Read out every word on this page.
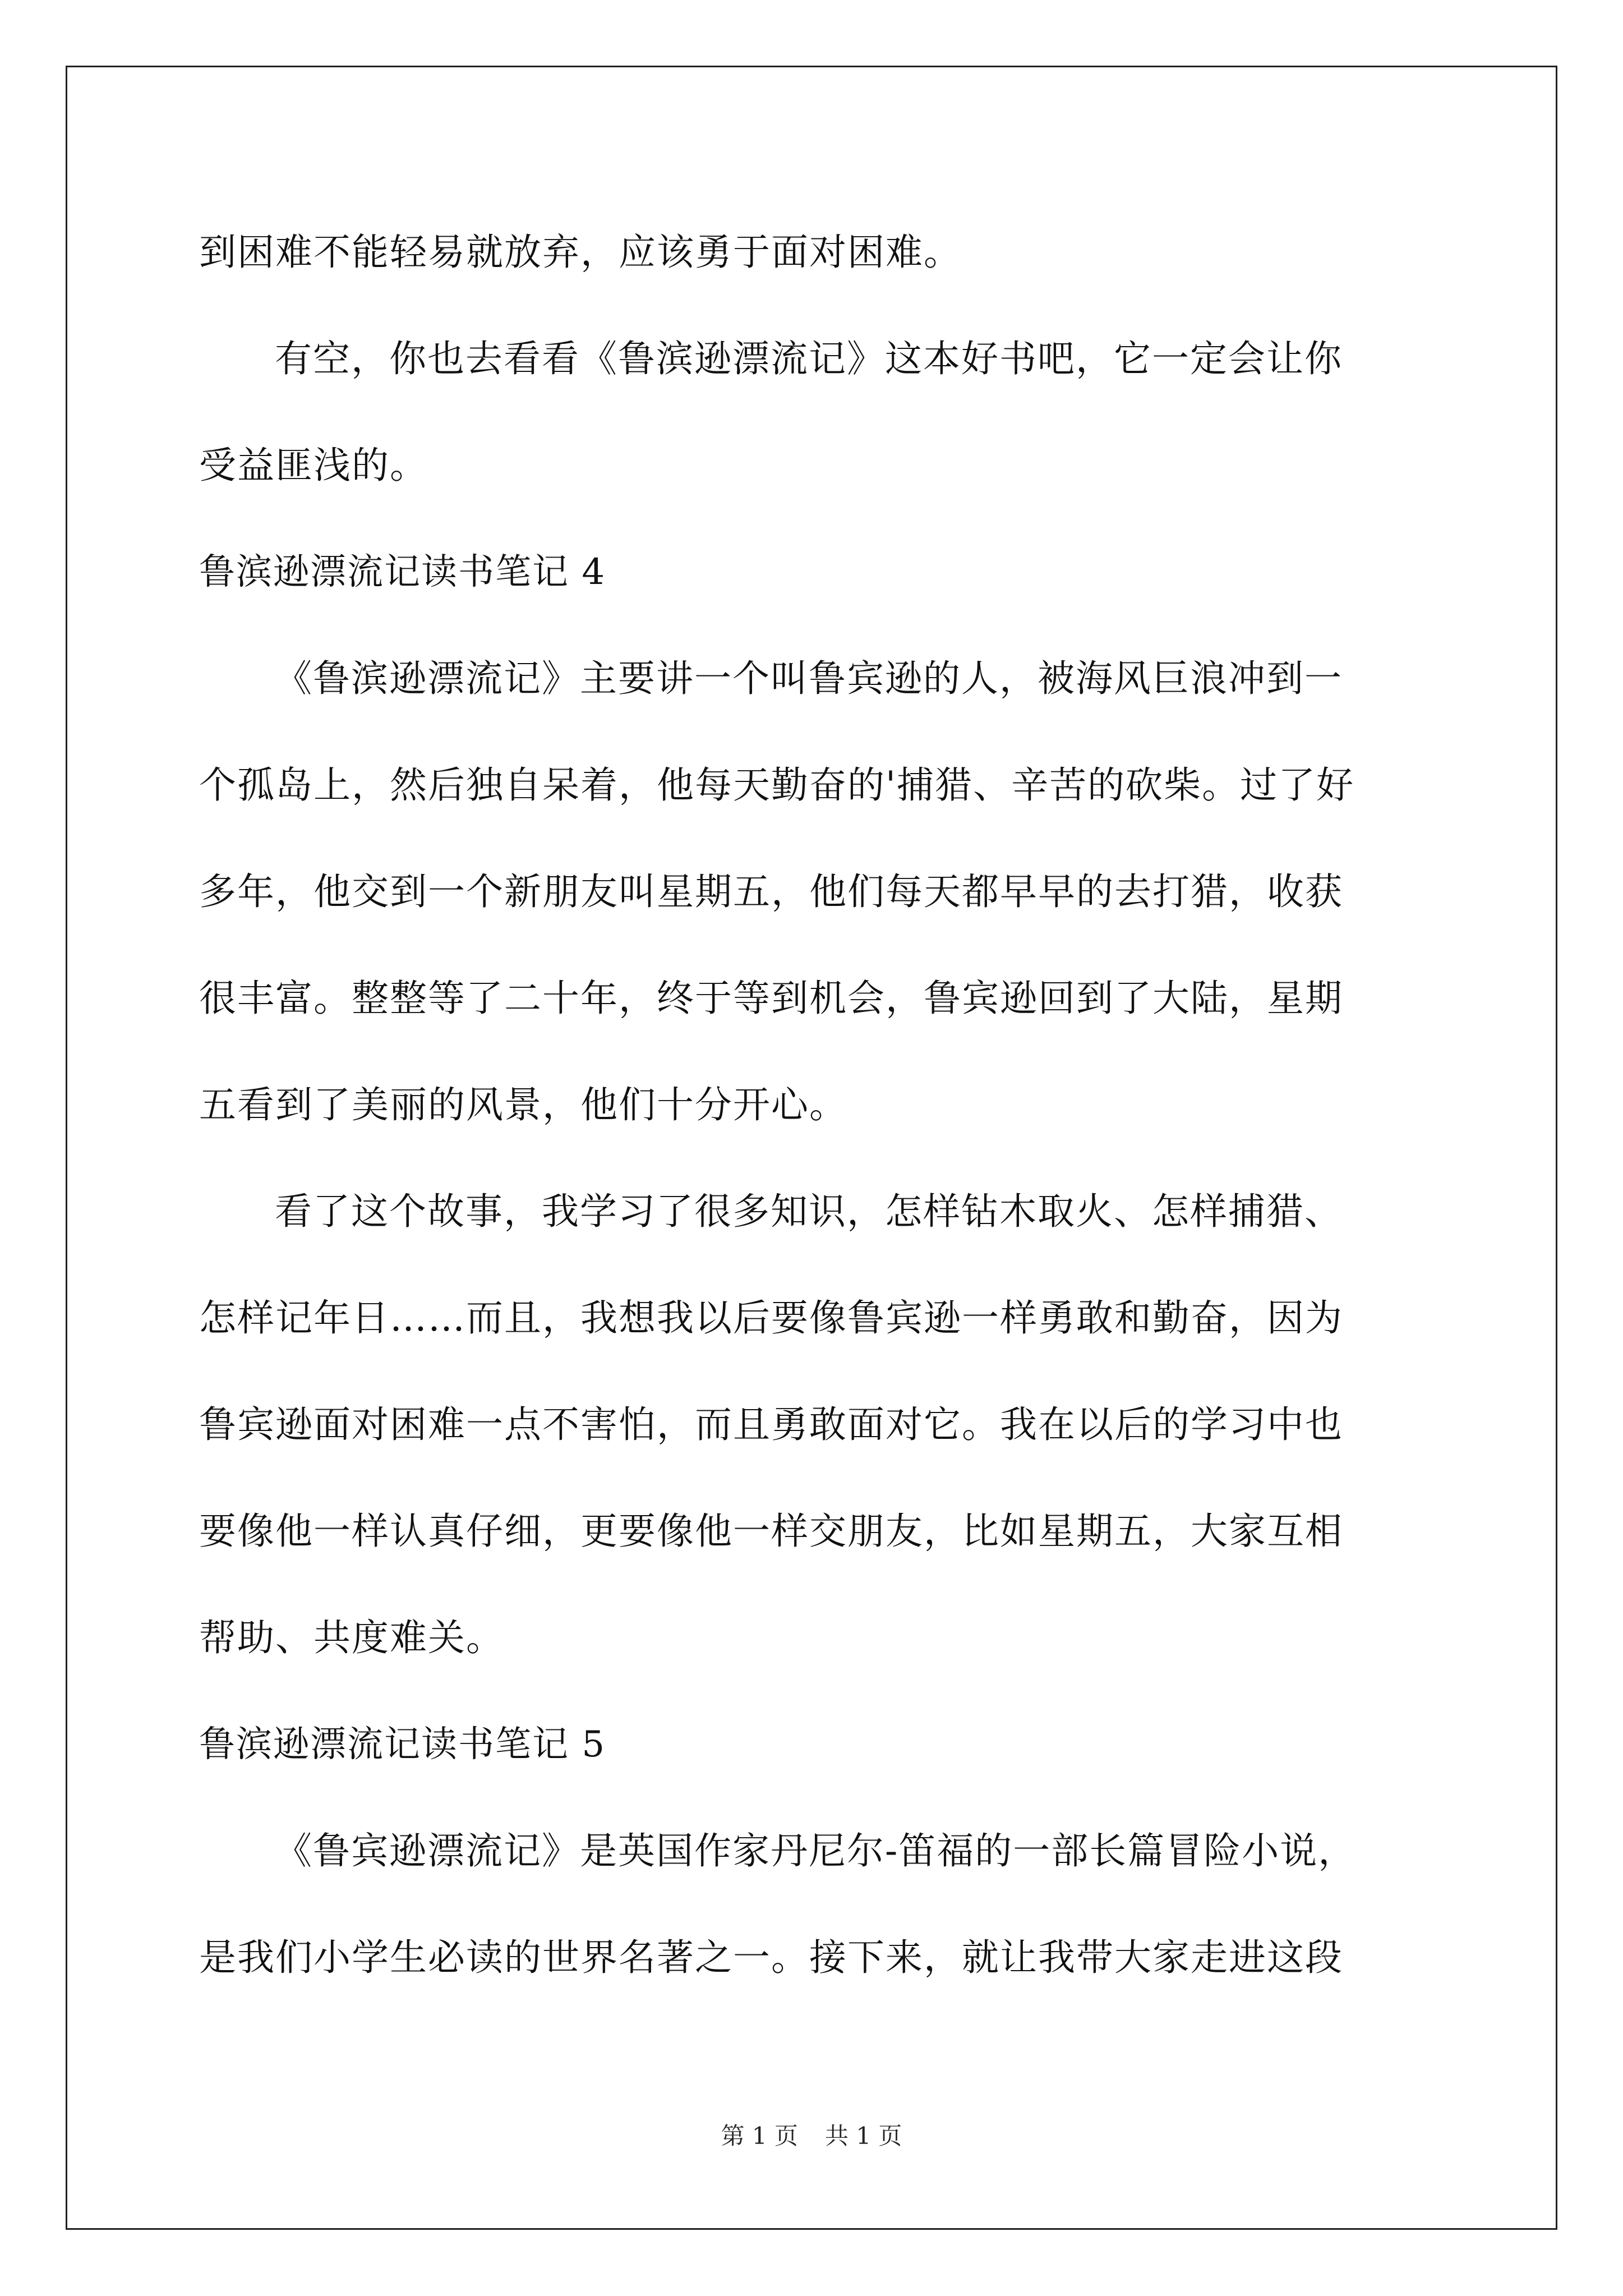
到困难不能轻易就放弃，应该勇于面对困难。
有空，你也去看看《鲁滨逊漂流记》这本好书吧，它一定会让你
受益匪浅的。
鲁滨逊漂流记读书笔记 4
《鲁滨逊漂流记》主要讲一个叫鲁宾逊的人，被海风巨浪冲到一
个孤岛上，然后独自呆着，他每天勤奋的'捕猎、辛苦的砍柴。过了好
多年，他交到一个新朋友叫星期五，他们每天都早早的去打猎，收获
很丰富。整整等了二十年，终于等到机会，鲁宾逊回到了大陆，星期
五看到了美丽的风景，他们十分开心。
看了这个故事，我学习了很多知识，怎样钻木取火、怎样捕猎、
怎样记年日……而且，我想我以后要像鲁宾逊一样勇敢和勤奋，因为
鲁宾逊面对困难一点不害怕，而且勇敢面对它。我在以后的学习中也
要像他一样认真仔细，更要像他一样交朋友，比如星期五，大家互相
帮助、共度难关。
鲁滨逊漂流记读书笔记 5
《鲁宾逊漂流记》是英国作家丹尼尔-笛福的一部长篇冒险小说，
是我们小学生必读的世界名著之一。接下来，就让我带大家走进这段
第 1 页 共 1 页
